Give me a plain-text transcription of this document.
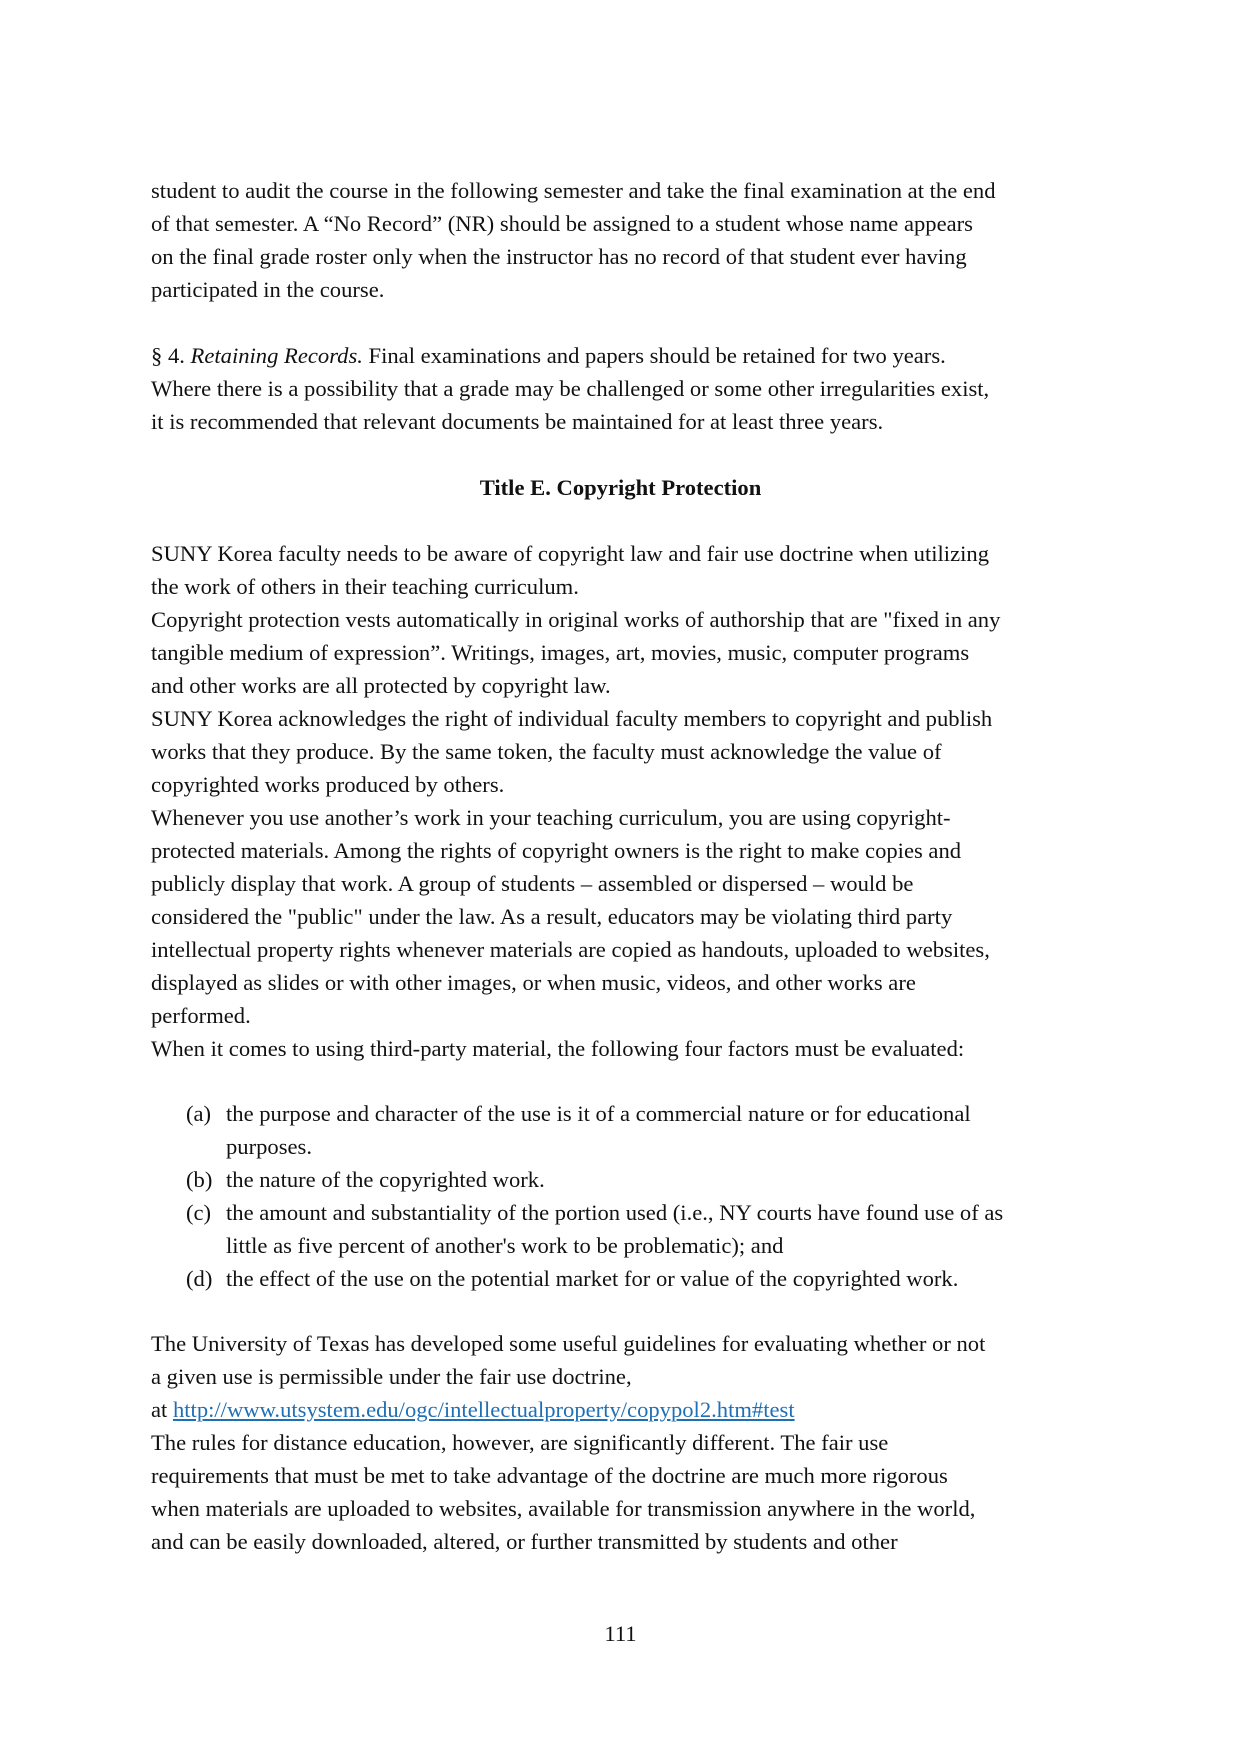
student to audit the course in the following semester and take the final examination at the end
of that semester. A “No Record” (NR) should be assigned to a student whose name appears
on the final grade roster only when the instructor has no record of that student ever having
participated in the course.
§ 4. Retaining Records. Final examinations and papers should be retained for two years.
Where there is a possibility that a grade may be challenged or some other irregularities exist,
it is recommended that relevant documents be maintained for at least three years.
Title E. Copyright Protection
SUNY Korea faculty needs to be aware of copyright law and fair use doctrine when utilizing
the work of others in their teaching curriculum.
Copyright protection vests automatically in original works of authorship that are "fixed in any
tangible medium of expression”. Writings, images, art, movies, music, computer programs
and other works are all protected by copyright law.
SUNY Korea acknowledges the right of individual faculty members to copyright and publish
works that they produce. By the same token, the faculty must acknowledge the value of
copyrighted works produced by others.
Whenever you use another’s work in your teaching curriculum, you are using copyright-
protected materials. Among the rights of copyright owners is the right to make copies and
publicly display that work. A group of students – assembled or dispersed – would be
considered the "public" under the law. As a result, educators may be violating third party
intellectual property rights whenever materials are copied as handouts, uploaded to websites,
displayed as slides or with other images, or when music, videos, and other works are
performed.
When it comes to using third-party material, the following four factors must be evaluated:
(a) the purpose and character of the use is it of a commercial nature or for educational
purposes.
(b) the nature of the copyrighted work.
(c) the amount and substantiality of the portion used (i.e., NY courts have found use of as
little as five percent of another's work to be problematic); and
(d) the effect of the use on the potential market for or value of the copyrighted work.
The University of Texas has developed some useful guidelines for evaluating whether or not
a given use is permissible under the fair use doctrine,
at http://www.utsystem.edu/ogc/intellectualproperty/copypol2.htm#test
The rules for distance education, however, are significantly different. The fair use
requirements that must be met to take advantage of the doctrine are much more rigorous
when materials are uploaded to websites, available for transmission anywhere in the world,
and can be easily downloaded, altered, or further transmitted by students and other
111
